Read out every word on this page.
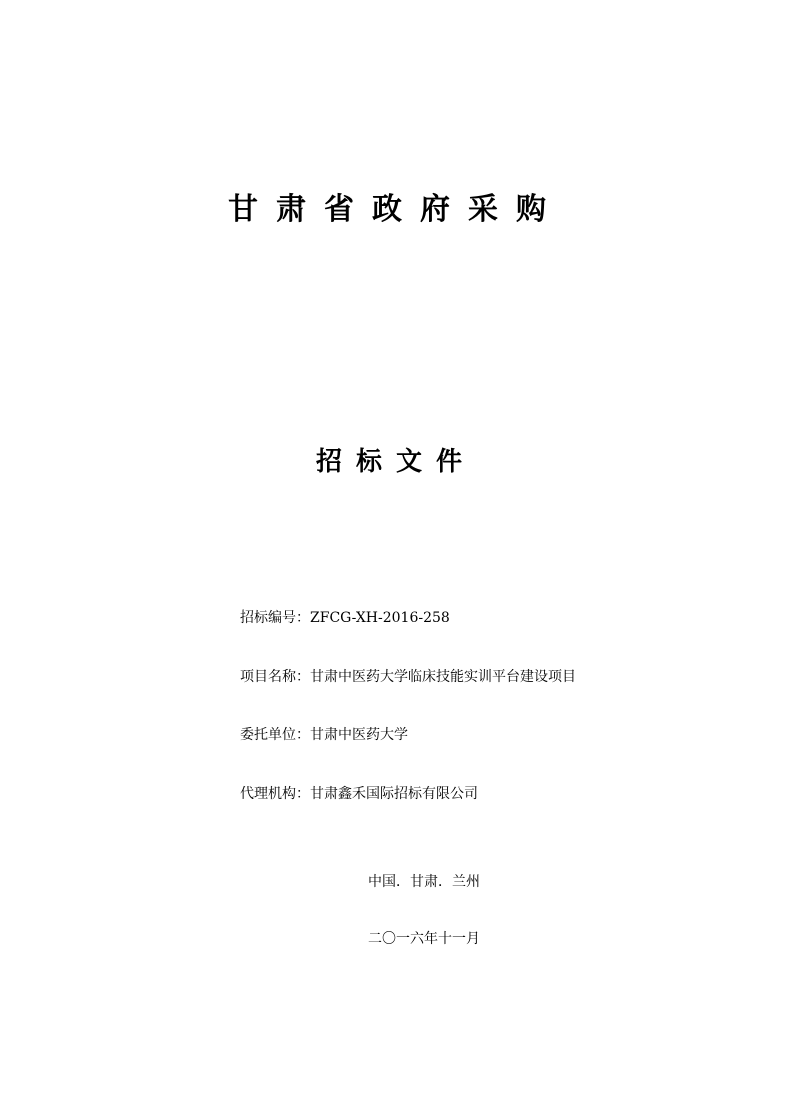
甘肃省政府采购
招标文件
招标编号：ZFCG-XH-2016-258
项目名称：甘肃中医药大学临床技能实训平台建设项目
委托单位：甘肃中医药大学
代理机构：甘肃鑫禾国际招标有限公司
中国．甘肃．兰州
二〇一六年十一月
